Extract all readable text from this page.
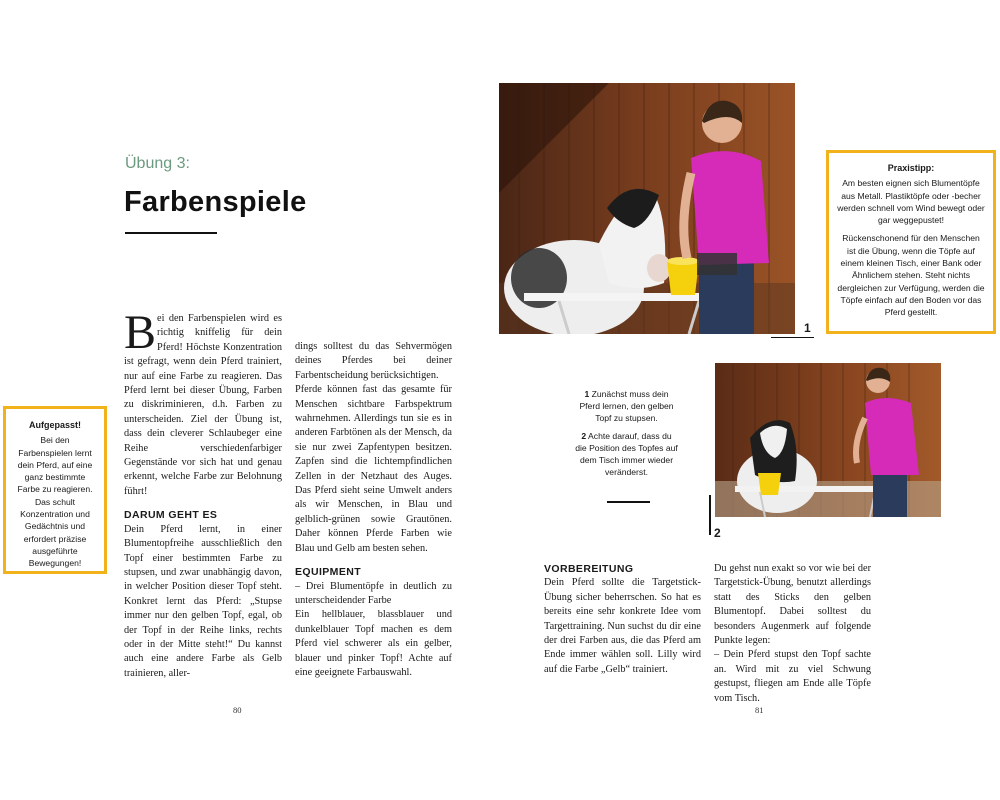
Übung 3:
Farbenspiele

Aufgepasst!

Bei den Farbenspielen lernt dein Pferd, auf eine ganz bestimmte Farbe zu reagieren. Das schult Konzentration und Gedächtnis und erfordert präzise ausgeführte Bewegungen!

Bei den Farbenspielen wird es richtig kniffelig für dein Pferd! Höchste Konzentration ist gefragt, wenn dein Pferd trainiert, nur auf eine Farbe zu reagieren. Das Pferd lernt bei dieser Übung, Farben zu diskriminieren, d.h. Farben zu unterscheiden. Ziel der Übung ist, dass dein cleverer Schlaubeger eine Reihe verschiedenfarbiger Gegenstände vor sich hat und genau erkennt, welche Farbe zur Belohnung führt!

DARUM GEHT ES

Dein Pferd lernt, in einer Blumentopfreihe ausschließlich den Topf einer bestimmten Farbe zu stupsen, und zwar unabhängig davon, in welcher Position dieser Topf steht. Konkret lernt das Pferd: „Stupse immer nur den gelben Topf, egal, ob der Topf in der Reihe links, rechts oder in der Mitte steht!“ Du kannst auch eine andere Farbe als Gelb trainieren, aller-

dings solltest du das Sehvermögen deines Pferdes bei deiner Farbentscheidung berücksichtigen.

Pferde können fast das gesamte für Menschen sichtbare Farbspektrum wahrnehmen. Allerdings tun sie es in anderen Farbtönen als der Mensch, da sie nur zwei Zapfentypen besitzen. Zapfen sind die lichtempfindlichen Zellen in der Netzhaut des Auges. Das Pferd sieht seine Umwelt anders als wir Menschen, in Blau und gelblich-grünen sowie Grautönen. Daher können Pferde Farben wie Blau und Gelb am besten sehen.

EQUIPMENT

– Drei Blumentöpfe in deutlich zu unterscheidender Farbe

Ein hellblauer, blassblauer und dunkelblauer Topf machen es dem Pferd viel schwerer als ein gelber, blauer und pinker Topf! Achte auf eine geeignete Farbauswahl.

80
1

Praxistipp:

Am besten eignen sich Blumentöpfe aus Metall. Plastiktöpfe oder -becher werden schnell vom Wind bewegt oder gar weggepustet!

Rückenschonend für den Menschen ist die Übung, wenn die Töpfe auf einem kleinen Tisch, einer Bank oder Ähnlichem stehen. Steht nichts dergleichen zur Verfügung, werden die Töpfe einfach auf den Boden vor das Pferd gestellt.

1 Zunächst muss dein Pferd lernen, den gelben Topf zu stupsen.

2 Achte darauf, dass du die Position des Topfes auf dem Tisch immer wieder veränderst.

2

VORBEREITUNG

Dein Pferd sollte die Targetstick-Übung sicher beherrschen. So hat es bereits eine sehr konkrete Idee vom Targettraining. Nun suchst du dir eine der drei Farben aus, die das Pferd am Ende immer wählen soll. Lilly wird auf die Farbe „Gelb“ trainiert.

Du gehst nun exakt so vor wie bei der Targetstick-Übung, benutzt allerdings statt des Sticks den gelben Blumentopf. Dabei solltest du besonders Augenmerk auf folgende Punkte legen:

– Dein Pferd stupst den Topf sachte an. Wird mit zu viel Schwung gestupst, fliegen am Ende alle Töpfe vom Tisch.

81
